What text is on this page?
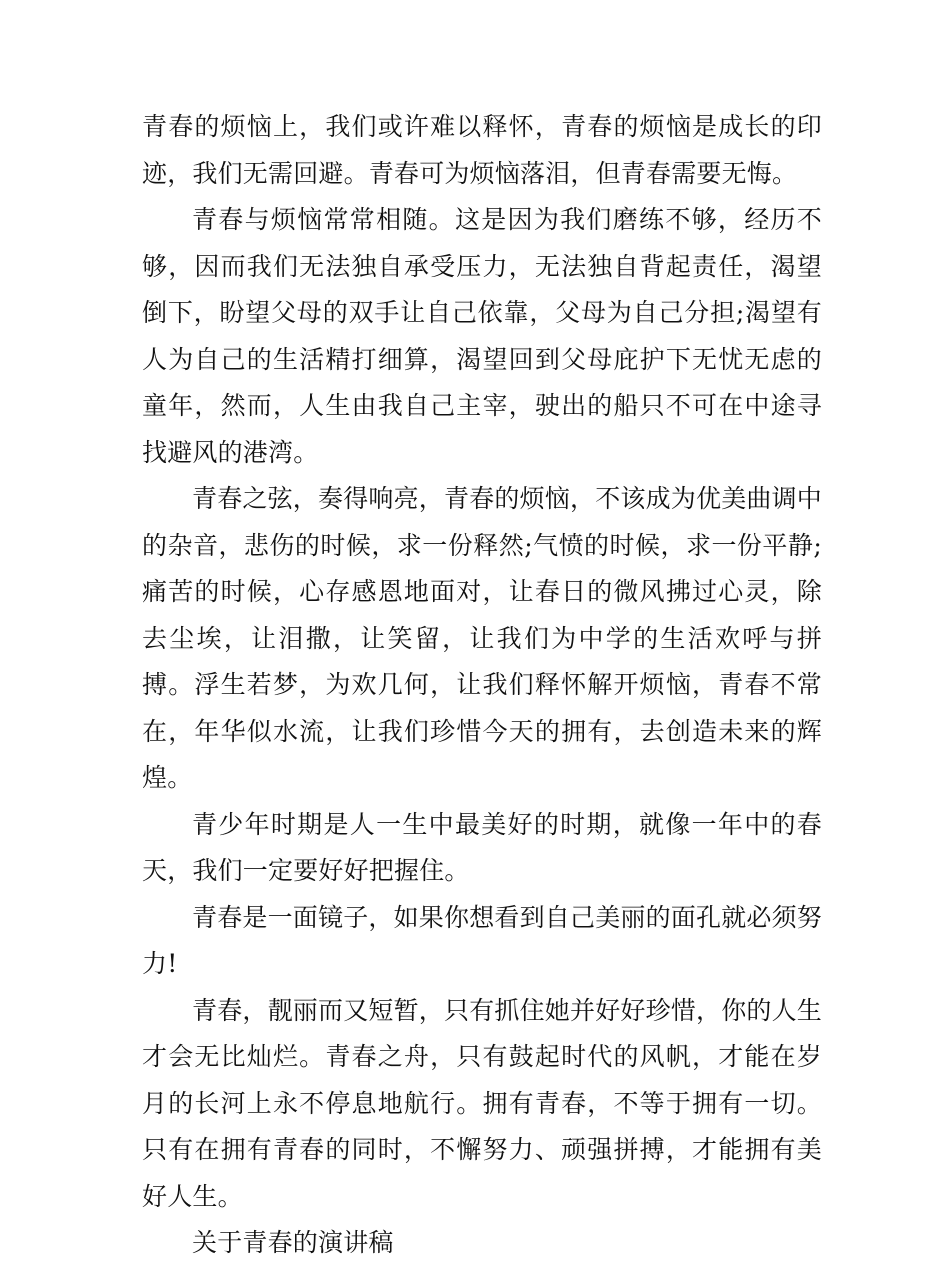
青春的烦恼上，我们或许难以释怀，青春的烦恼是成长的印迹，我们无需回避。青春可为烦恼落泪，但青春需要无悔。

青春与烦恼常常相随。这是因为我们磨练不够，经历不够，因而我们无法独自承受压力，无法独自背起责任，渴望倒下，盼望父母的双手让自己依靠，父母为自己分担;渴望有人为自己的生活精打细算，渴望回到父母庇护下无忧无虑的童年，然而，人生由我自己主宰，驶出的船只不可在中途寻找避风的港湾。

青春之弦，奏得响亮，青春的烦恼，不该成为优美曲调中的杂音，悲伤的时候，求一份释然;气愤的时候，求一份平静;痛苦的时候，心存感恩地面对，让春日的微风拂过心灵，除去尘埃，让泪撒，让笑留，让我们为中学的生活欢呼与拼搏。浮生若梦，为欢几何，让我们释怀解开烦恼，青春不常在，年华似水流，让我们珍惜今天的拥有，去创造未来的辉煌。

青少年时期是人一生中最美好的时期，就像一年中的春天，我们一定要好好把握住。

青春是一面镜子，如果你想看到自己美丽的面孔就必须努力!

青春，靓丽而又短暂，只有抓住她并好好珍惜，你的人生才会无比灿烂。青春之舟，只有鼓起时代的风帆，才能在岁月的长河上永不停息地航行。拥有青春，不等于拥有一切。只有在拥有青春的同时，不懈努力、顽强拼搏，才能拥有美好人生。

关于青春的演讲稿
